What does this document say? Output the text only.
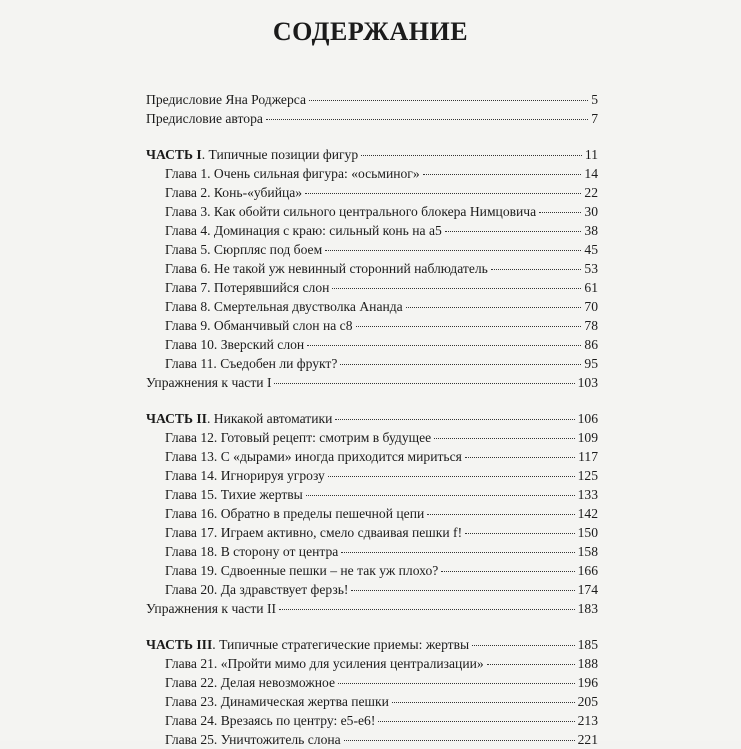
СОДЕРЖАНИЕ
Предисловие Яна Роджерса	5
Предисловие автора	7
ЧАСТЬ I. Типичные позиции фигур	11
Глава 1. Очень сильная фигура: «осьминог»	14
Глава 2. Конь-«убийца»	22
Глава 3. Как обойти сильного центрального блокера Нимцовича	30
Глава 4. Доминация с краю: сильный конь на а5	38
Глава 5. Сюрпляс под боем	45
Глава 6. Не такой уж невинный сторонний наблюдатель	53
Глава 7. Потерявшийся слон	61
Глава 8. Смертельная двустволка Ананда	70
Глава 9. Обманчивый слон на с8	78
Глава 10. Зверский слон	86
Глава 11. Съедобен ли фрукт?	95
Упражнения к части I	103
ЧАСТЬ II. Никакой автоматики	106
Глава 12. Готовый рецепт: смотрим в будущее	109
Глава 13. С «дырами» иногда приходится мириться	117
Глава 14. Игнорируя угрозу	125
Глава 15. Тихие жертвы	133
Глава 16. Обратно в пределы пешечной цепи	142
Глава 17. Играем активно, смело сдваивая пешки f!	150
Глава 18. В сторону от центра	158
Глава 19. Сдвоенные пешки – не так уж плохо?	166
Глава 20. Да здравствует ферзь!	174
Упражнения к части II	183
ЧАСТЬ III. Типичные стратегические приемы: жертвы	185
Глава 21. «Пройти мимо для усиления централизации»	188
Глава 22. Делая невозможное	196
Глава 23. Динамическая жертва пешки	205
Глава 24. Врезаясь по центру: e5-e6!	213
Глава 25. Уничтожитель слона	221
